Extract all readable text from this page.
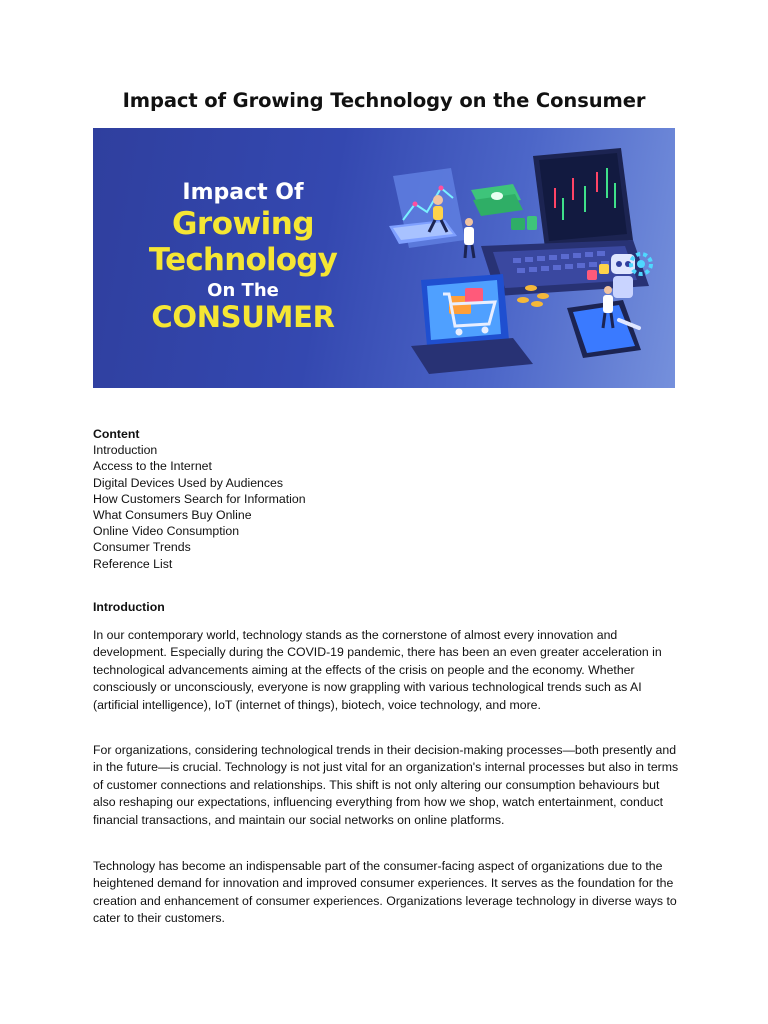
Impact of Growing Technology on the Consumer
Impact Of
Growing
Technology
On The
CONSUMER
Content
Introduction
Access to the Internet
Digital Devices Used by Audiences
How Customers Search for Information
What Consumers Buy Online
Online Video Consumption
Consumer Trends
Reference List
Introduction

In our contemporary world, technology stands as the cornerstone of almost every innovation and development. Especially during the COVID-19 pandemic, there has been an even greater acceleration in technological advancements aiming at the effects of the crisis on people and the economy. Whether consciously or unconsciously, everyone is now grappling with various technological trends such as AI (artificial intelligence), IoT (internet of things), biotech, voice technology, and more.

For organizations, considering technological trends in their decision-making processes—both presently and in the future—is crucial. Technology is not just vital for an organization's internal processes but also in terms of customer connections and relationships. This shift is not only altering our consumption behaviours but also reshaping our expectations, influencing everything from how we shop, watch entertainment, conduct financial transactions, and maintain our social networks on online platforms.

Technology has become an indispensable part of the consumer-facing aspect of organizations due to the heightened demand for innovation and improved consumer experiences. It serves as the foundation for the creation and enhancement of consumer experiences. Organizations leverage technology in diverse ways to cater to their customers.
